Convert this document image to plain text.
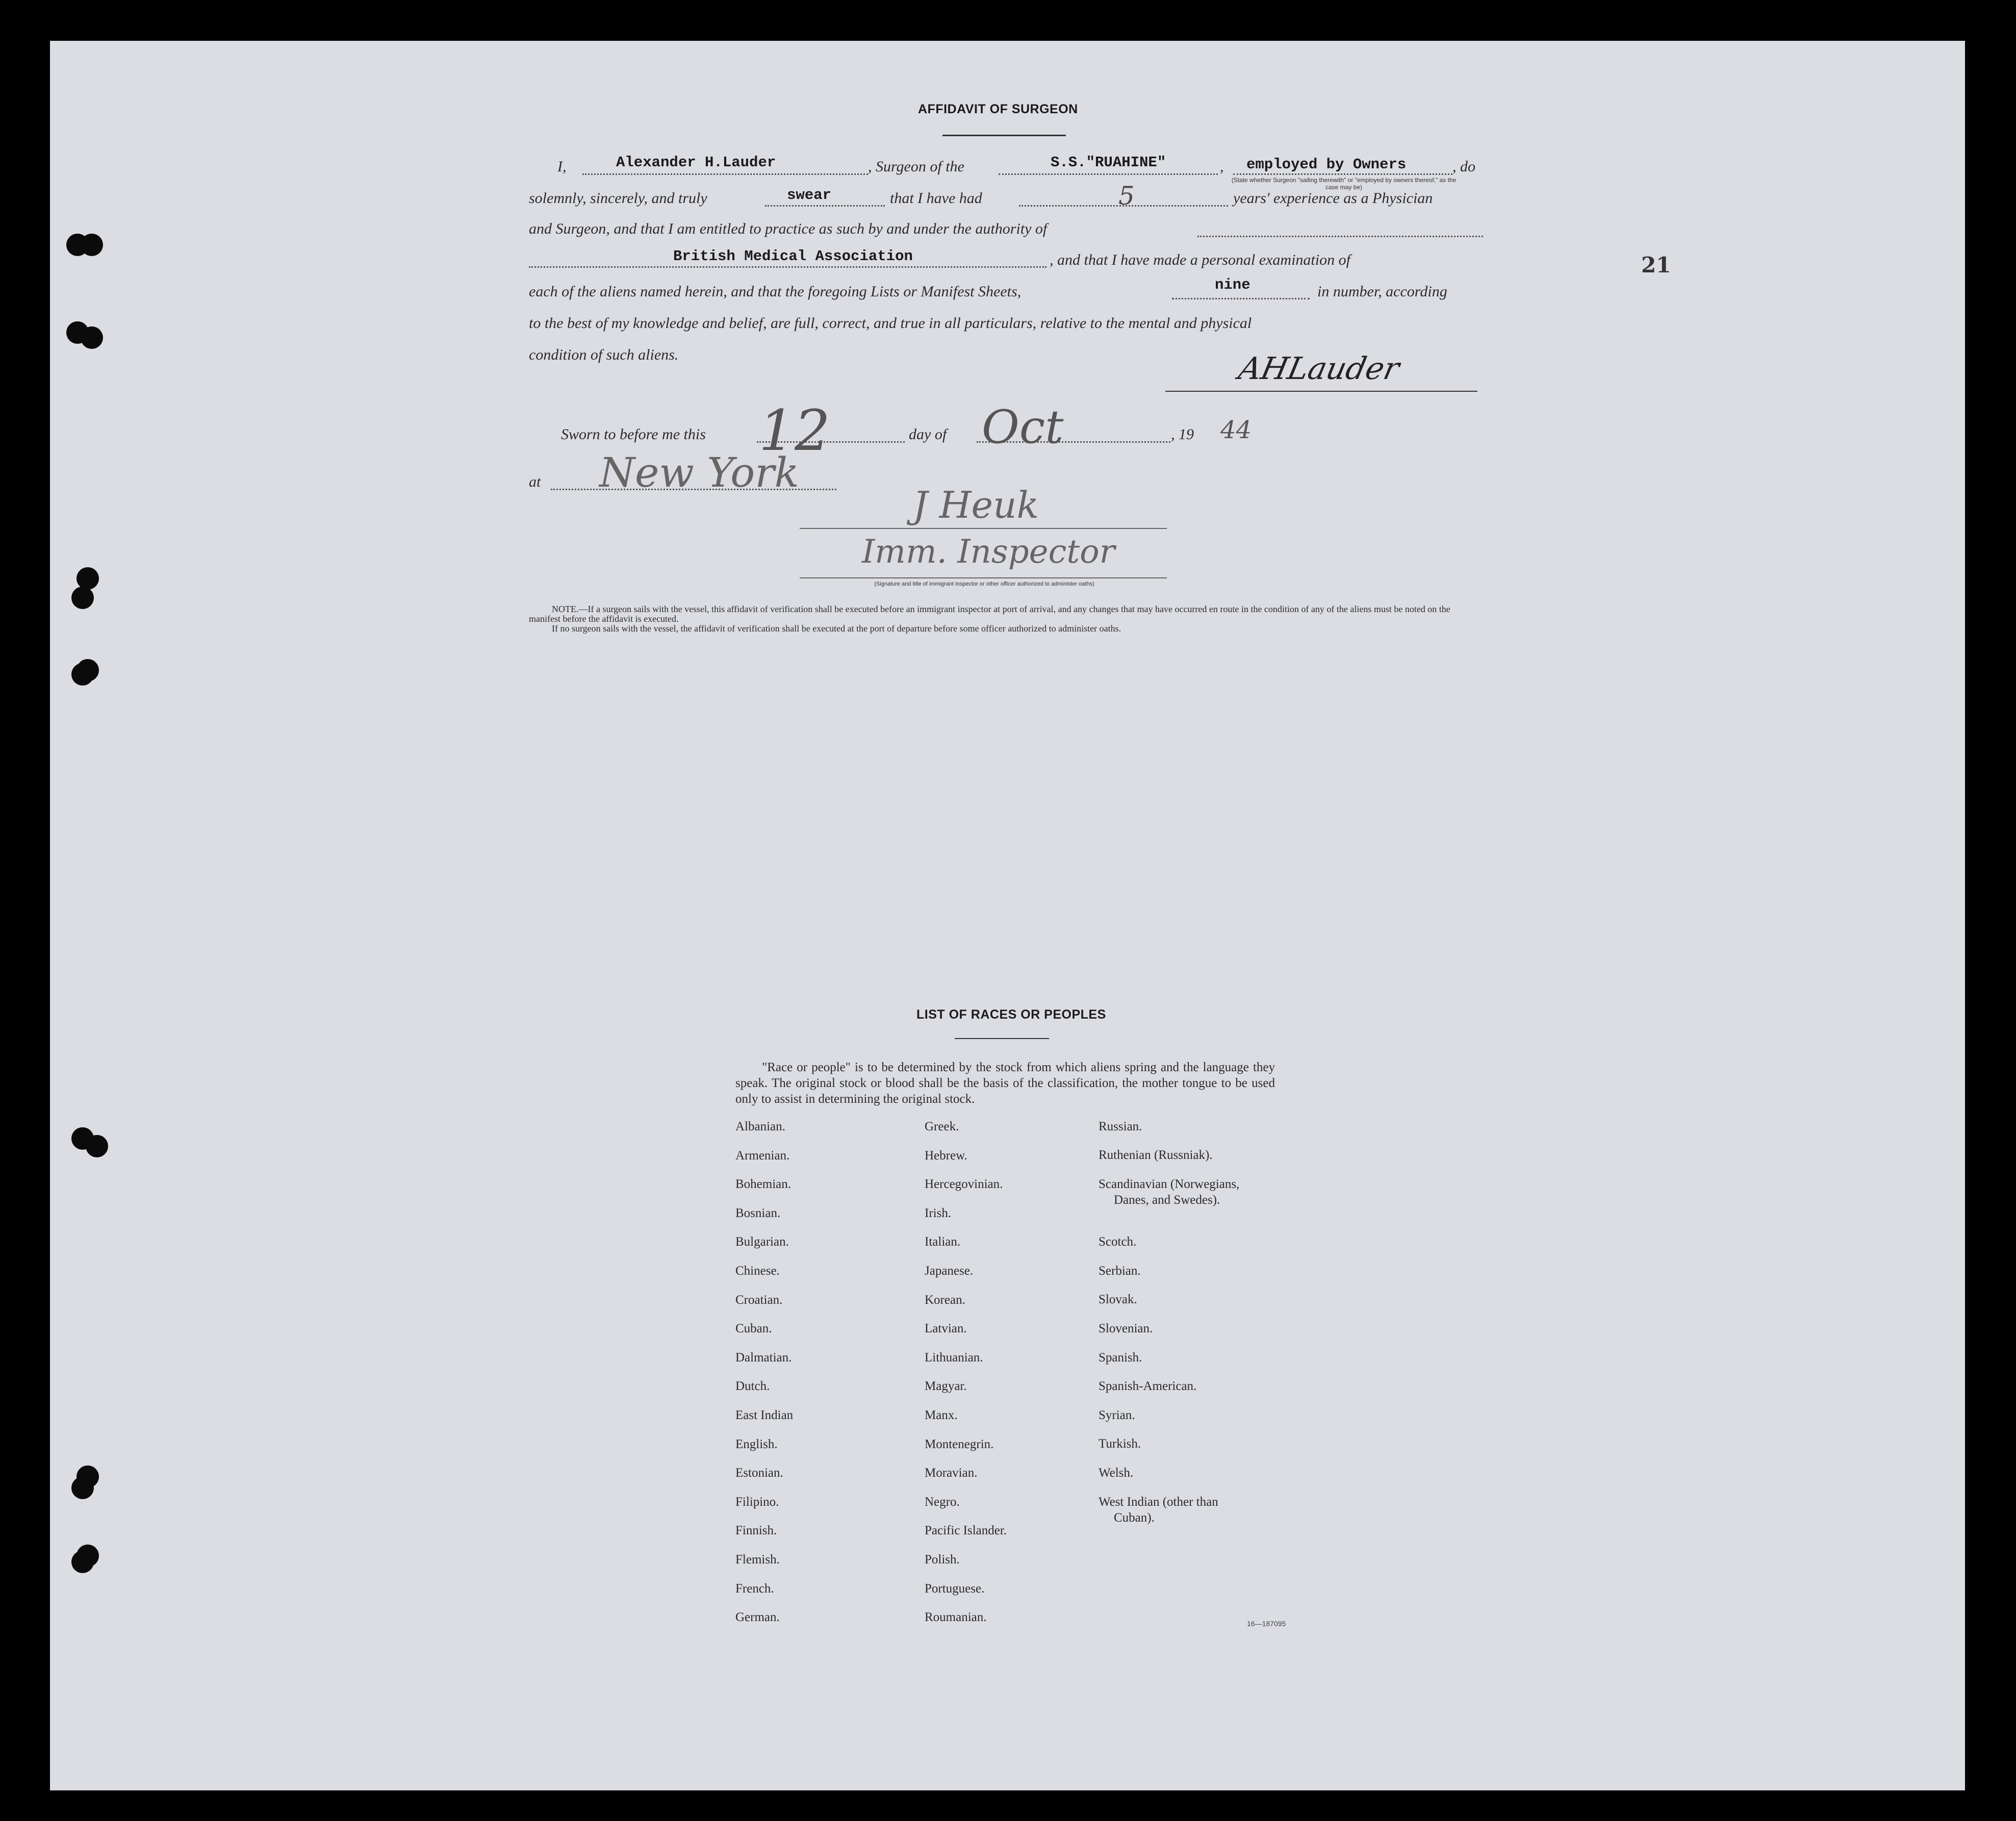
21
AFFIDAVIT OF SURGEON
I,	Alexander H.Lauder	, Surgeon of the	S.S."RUAHINE"	, employed by Owners	, do
(State whether Surgeon "sailing therewith" or "employed by owners thereof," as the case may be)
solemnly, sincerely, and truly	swear	that I have had	5	years' experience as a Physician
and Surgeon, and that I am entitled to practice as such by and under the authority of
British Medical Association	, and that I have made a personal examination of
each of the aliens named herein, and that the foregoing Lists or Manifest Sheets,	nine	in number, according
to the best of my knowledge and belief, are full, correct, and true in all particulars, relative to the mental and physical
condition of such aliens.	AHLauder
Sworn to before me this 12	day of Oct	, 19 44
at New York
J Heuk
Imm. Inspector
(Signature and title of immigrant inspector or other officer authorized to administer oaths)
NOTE.—If a surgeon sails with the vessel, this affidavit of verification shall be executed before an immigrant inspector at port of arrival, and any changes that may have occurred en route in the condition of any of the aliens must be noted on the manifest before the affidavit is executed.
If no surgeon sails with the vessel, the affidavit of verification shall be executed at the port of departure before some officer authorized to administer oaths.
LIST OF RACES OR PEOPLES
"Race or people" is to be determined by the stock from which aliens spring and the language they speak. The original stock or blood shall be the basis of the classification, the mother tongue to be used only to assist in determining the original stock.
Albanian.
Armenian.
Bohemian.
Bosnian.
Bulgarian.
Chinese.
Croatian.
Cuban.
Dalmatian.
Dutch.
East Indian
English.
Estonian.
Filipino.
Finnish.
Flemish.
French.
German.
Greek.
Hebrew.
Hercegovinian.
Irish.
Italian.
Japanese.
Korean.
Latvian.
Lithuanian.
Magyar.
Manx.
Montenegrin.
Moravian.
Negro.
Pacific Islander.
Polish.
Portuguese.
Roumanian.
Russian.
Ruthenian (Russniak).
Scandinavian (Norwegians,
Danes, and Swedes).
Scotch.
Serbian.
Slovak.
Slovenian.
Spanish.
Spanish-American.
Syrian.
Turkish.
Welsh.
West Indian (other than
Cuban).
16—187095
